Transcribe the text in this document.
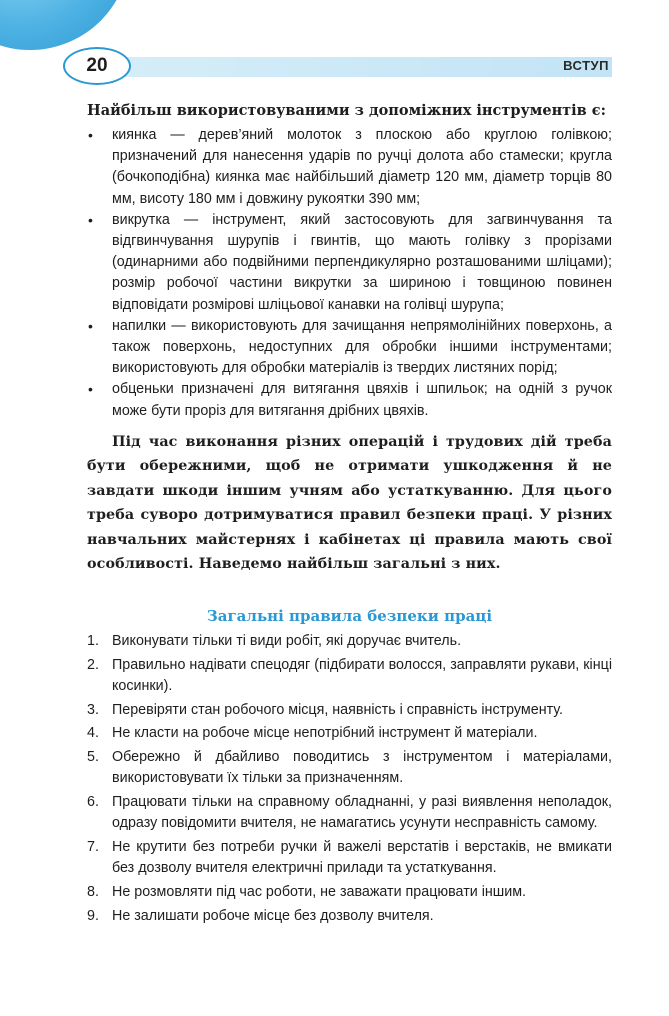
20	ВСТУП

Найбільш використовуваними з допоміжних інструментів є:

• киянка — дерев’яний молоток з плоскою або круглою голівкою; призначений для нанесення ударів по ручці долота або стамески; кругла (бочкоподібна) киянка має найбільший діаметр 120 мм, діаметр торців 80 мм, висоту 180 мм і довжину рукоятки 390 мм;
• викрутка — інструмент, який застосовують для загвинчування та відгвинчування шурупів і гвинтів, що мають голівку з прорізами (одинарними або подвійними перпендикулярно розташованими шліцами); розмір робочої частини викрутки за шириною і товщиною повинен відповідати розмірові шліцьової канавки на голівці шурупа;
• напилки — використовують для зачищання непрямолінійних поверхонь, а також поверхонь, недоступних для обробки іншими інструментами; використовують для обробки матеріалів із твердих листяних порід;
• обценьки призначені для витягання цвяхів і шпильок; на одній з ручок може бути проріз для витягання дрібних цвяхів.

Під час виконання різних операцій і трудових дій треба бути обережними, щоб не отримати ушкодження й не завдати шкоди іншим учням або устаткуванню. Для цього треба суворо дотримуватися правил безпеки праці. У різних навчальних майстернях і кабінетах ці правила мають свої особливості. Наведемо найбільш загальні з них.

Загальні правила безпеки праці
1. Виконувати тільки ті види робіт, які доручає вчитель.
2. Правильно надівати спецодяг (підбирати волосся, заправляти рукави, кінці косинки).
3. Перевіряти стан робочого місця, наявність і справність інструменту.
4. Не класти на робоче місце непотрібний інструмент й матеріали.
5. Обережно й дбайливо поводитись з інструментом і матеріалами, використовувати їх тільки за призначенням.
6. Працювати тільки на справному обладнанні, у разі виявлення неполадок, одразу повідомити вчителя, не намагатись усунути несправність самому.
7. Не крутити без потреби ручки й важелі верстатів і верстаків, не вмикати без дозволу вчителя електричні прилади та устаткування.
8. Не розмовляти під час роботи, не заважати працювати іншим.
9. Не залишати робоче місце без дозволу вчителя.
